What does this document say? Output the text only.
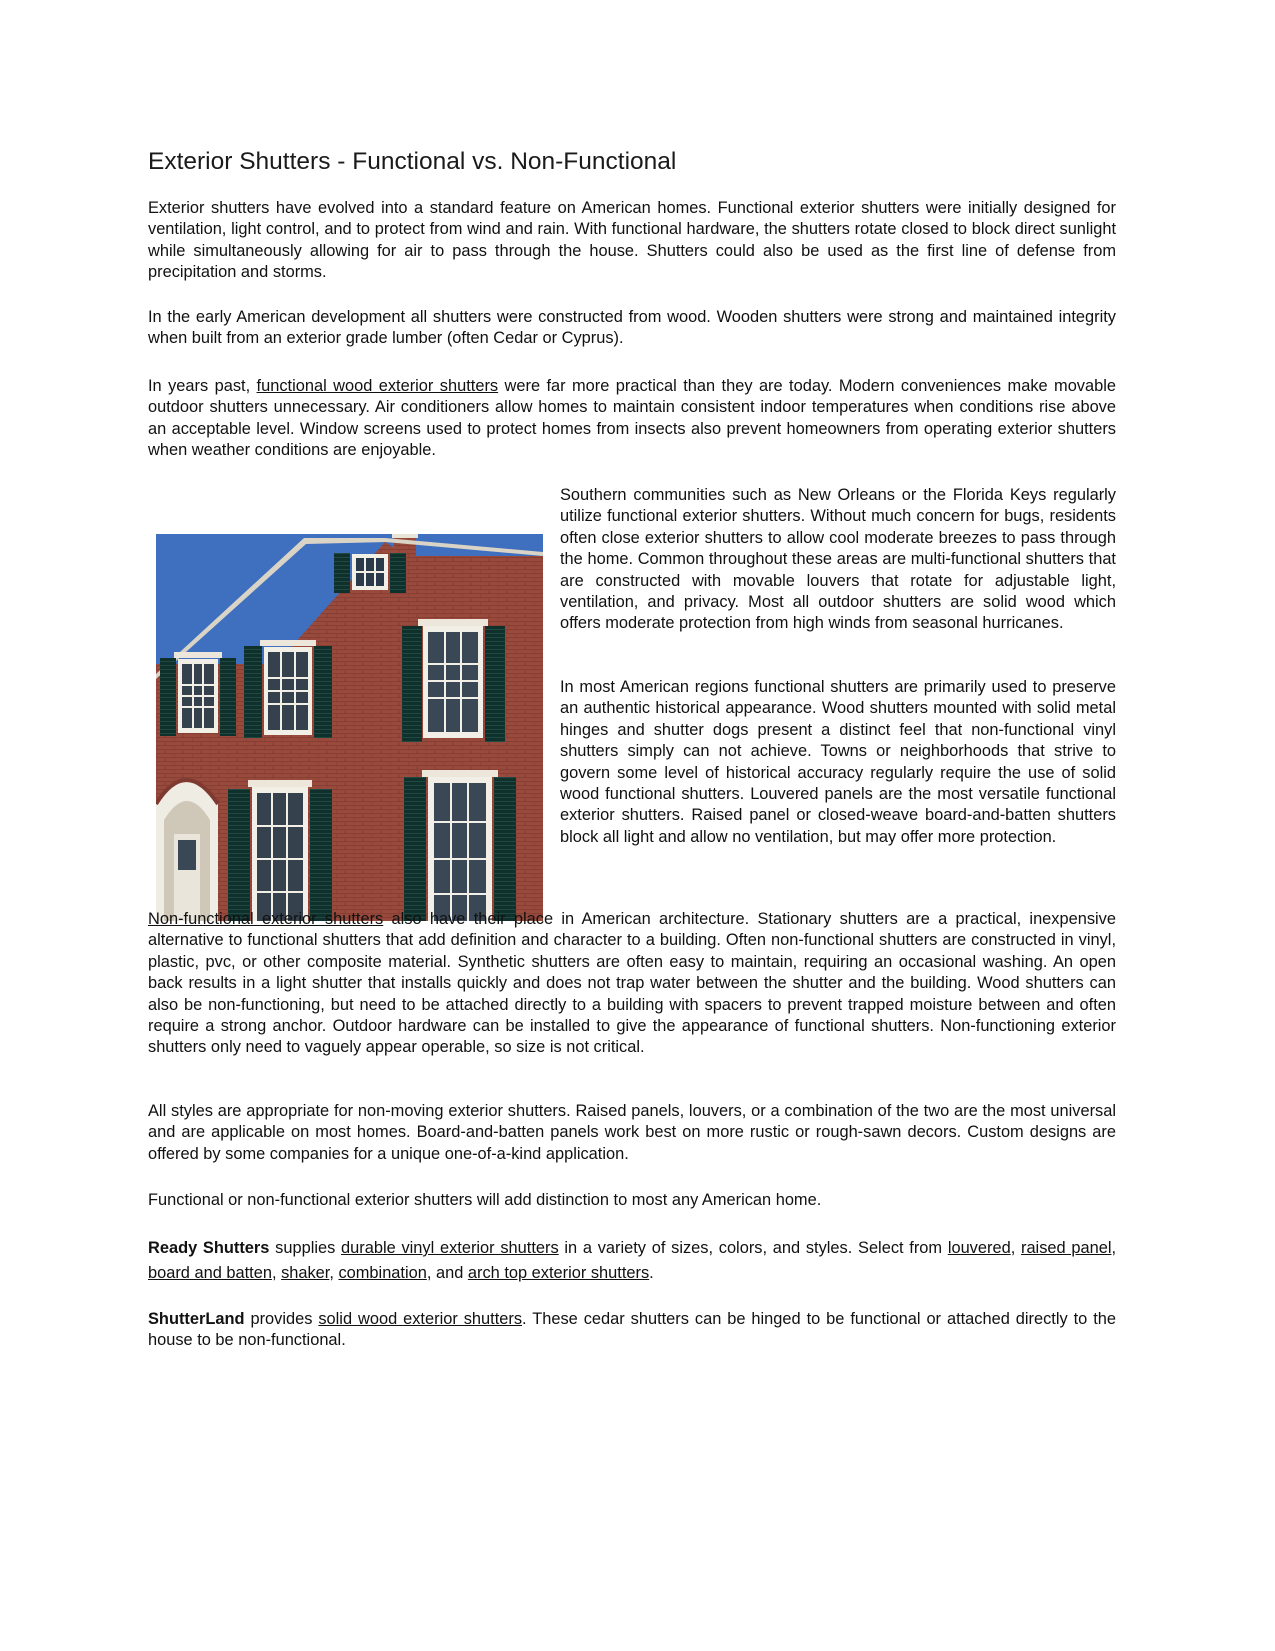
Exterior Shutters - Functional vs. Non-Functional

Exterior shutters have evolved into a standard feature on American homes. Functional exterior shutters were initially designed for ventilation, light control, and to protect from wind and rain. With functional hardware, the shutters rotate closed to block direct sunlight while simultaneously allowing for air to pass through the house. Shutters could also be used as the first line of defense from precipitation and storms.

In the early American development all shutters were constructed from wood. Wooden shutters were strong and maintained integrity when built from an exterior grade lumber (often Cedar or Cyprus).

In years past, functional wood exterior shutters were far more practical than they are today. Modern conveniences make movable outdoor shutters unnecessary. Air conditioners allow homes to maintain consistent indoor temperatures when conditions rise above an acceptable level. Window screens used to protect homes from insects also prevent homeowners from operating exterior shutters when weather conditions are enjoyable.

Southern communities such as New Orleans or the Florida Keys regularly utilize functional exterior shutters. Without much concern for bugs, residents often close exterior shutters to allow cool moderate breezes to pass through the home. Common throughout these areas are multi-functional shutters that are constructed with movable louvers that rotate for adjustable light, ventilation, and privacy. Most all outdoor shutters are solid wood which offers moderate protection from high winds from seasonal hurricanes.

In most American regions functional shutters are primarily used to preserve an authentic historical appearance. Wood shutters mounted with solid metal hinges and shutter dogs present a distinct feel that non-functional vinyl shutters simply can not achieve. Towns or neighborhoods that strive to govern some level of historical accuracy regularly require the use of solid wood functional shutters. Louvered panels are the most versatile functional exterior shutters. Raised panel or closed-weave board-and-batten shutters block all light and allow no ventilation, but may offer more protection.

Non-functional exterior shutters also have their place in American architecture. Stationary shutters are a practical, inexpensive alternative to functional shutters that add definition and character to a building. Often non-functional shutters are constructed in vinyl, plastic, pvc, or other composite material. Synthetic shutters are often easy to maintain, requiring an occasional washing. An open back results in a light shutter that installs quickly and does not trap water between the shutter and the building. Wood shutters can also be non-functioning, but need to be attached directly to a building with spacers to prevent trapped moisture between and often require a strong anchor. Outdoor hardware can be installed to give the appearance of functional shutters. Non-functioning exterior shutters only need to vaguely appear operable, so size is not critical.

All styles are appropriate for non-moving exterior shutters. Raised panels, louvers, or a combination of the two are the most universal and are applicable on most homes. Board-and-batten panels work best on more rustic or rough-sawn decors. Custom designs are offered by some companies for a unique one-of-a-kind application.

Functional or non-functional exterior shutters will add distinction to most any American home.

Ready Shutters supplies durable vinyl exterior shutters in a variety of sizes, colors, and styles. Select from louvered, raised panel, board and batten, shaker, combination, and arch top exterior shutters.

ShutterLand provides solid wood exterior shutters. These cedar shutters can be hinged to be functional or attached directly to the house to be non-functional.
